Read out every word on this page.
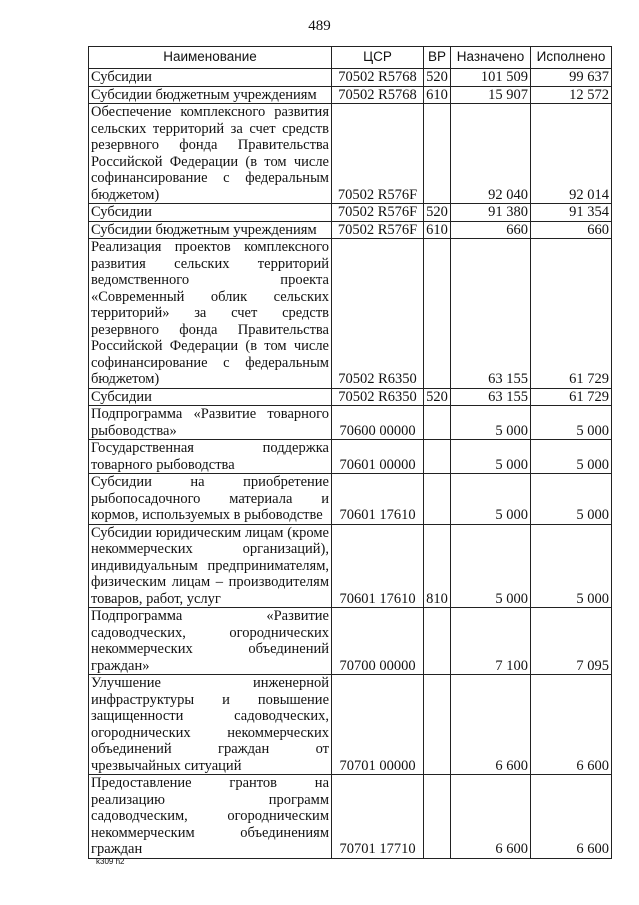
489
Наименование	ЦСР	ВР	Назначено	Исполнено
Субсидии	70502 R5768	520	101 509	99 637
Субсидии бюджетным учреждениям	70502 R5768	610	15 907	12 572
Обеспечение комплексного развития сельских территорий за счет средств резервного фонда Правительства Российской Федерации (в том числе софинансирование с федеральным бюджетом)	70502 R576F		92 040	92 014
Субсидии	70502 R576F	520	91 380	91 354
Субсидии бюджетным учреждениям	70502 R576F	610	660	660
Реализация проектов комплексного развития сельских территорий ведомственного проекта «Современный облик сельских территорий» за счет средств резервного фонда Правительства Российской Федерации (в том числе софинансирование с федеральным бюджетом)	70502 R6350		63 155	61 729
Субсидии	70502 R6350	520	63 155	61 729
Подпрограмма «Развитие товарного рыбоводства»	70600 00000		5 000	5 000
Государственная поддержка товарного рыбоводства	70601 00000		5 000	5 000
Субсидии на приобретение рыбопосадочного материала и кормов, используемых в рыбоводстве	70601 17610		5 000	5 000
Субсидии юридическим лицам (кроме некоммерческих организаций), индивидуальным предпринимателям, физическим лицам – производителям товаров, работ, услуг	70601 17610	810	5 000	5 000
Подпрограмма «Развитие садоводческих, огороднических некоммерческих объединений граждан»	70700 00000		7 100	7 095
Улучшение инженерной инфраструктуры и повышение защищенности садоводческих, огороднических некоммерческих объединений граждан от чрезвычайных ситуаций	70701 00000		6 600	6 600
Предоставление грантов на реализацию программ садоводческим, огородническим некоммерческим объединениям граждан	70701 17710		6 600	6 600
k309 h2
